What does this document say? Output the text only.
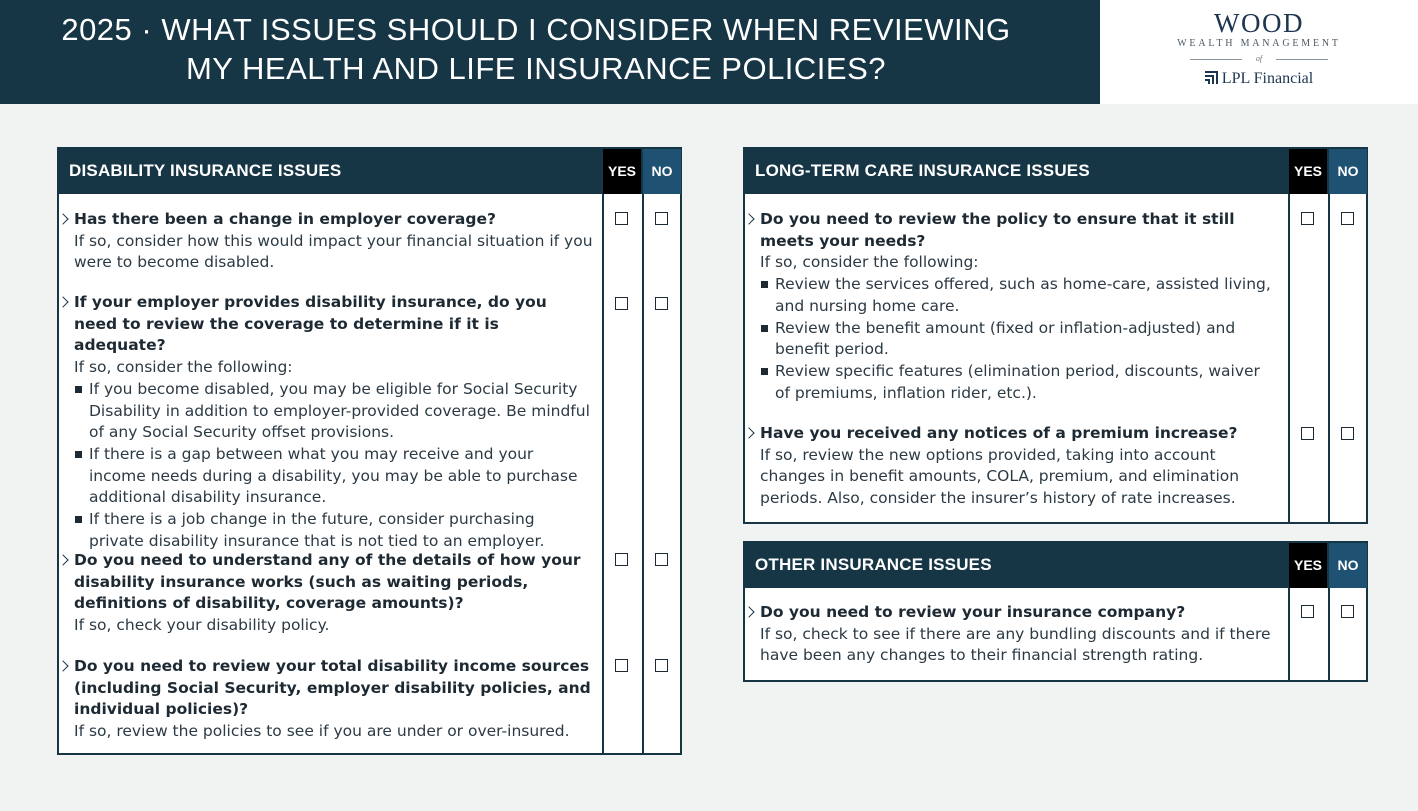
2025 · WHAT ISSUES SHOULD I CONSIDER WHEN REVIEWING
MY HEALTH AND LIFE INSURANCE POLICIES?
WOOD
WEALTH MANAGEMENT
of
LPL Financial
DISABILITY INSURANCE ISSUES	YES	NO
Has there been a change in employer coverage?
If so, consider how this would impact your financial situation if you were to become disabled.
If your employer provides disability insurance, do you need to review the coverage to determine if it is adequate?
If so, consider the following:
If you become disabled, you may be eligible for Social Security Disability in addition to employer-provided coverage. Be mindful of any Social Security offset provisions.
If there is a gap between what you may receive and your income needs during a disability, you may be able to purchase additional disability insurance.
If there is a job change in the future, consider purchasing private disability insurance that is not tied to an employer.
Do you need to understand any of the details of how your disability insurance works (such as waiting periods, definitions of disability, coverage amounts)?
If so, check your disability policy.
Do you need to review your total disability income sources (including Social Security, employer disability policies, and individual policies)?
If so, review the policies to see if you are under or over-insured.
LONG-TERM CARE INSURANCE ISSUES	YES	NO
Do you need to review the policy to ensure that it still meets your needs?
If so, consider the following:
Review the services offered, such as home-care, assisted living, and nursing home care.
Review the benefit amount (fixed or inflation-adjusted) and benefit period.
Review specific features (elimination period, discounts, waiver of premiums, inflation rider, etc.).
Have you received any notices of a premium increase?
If so, review the new options provided, taking into account changes in benefit amounts, COLA, premium, and elimination periods. Also, consider the insurer’s history of rate increases.
OTHER INSURANCE ISSUES	YES	NO
Do you need to review your insurance company?
If so, check to see if there are any bundling discounts and if there have been any changes to their financial strength rating.
